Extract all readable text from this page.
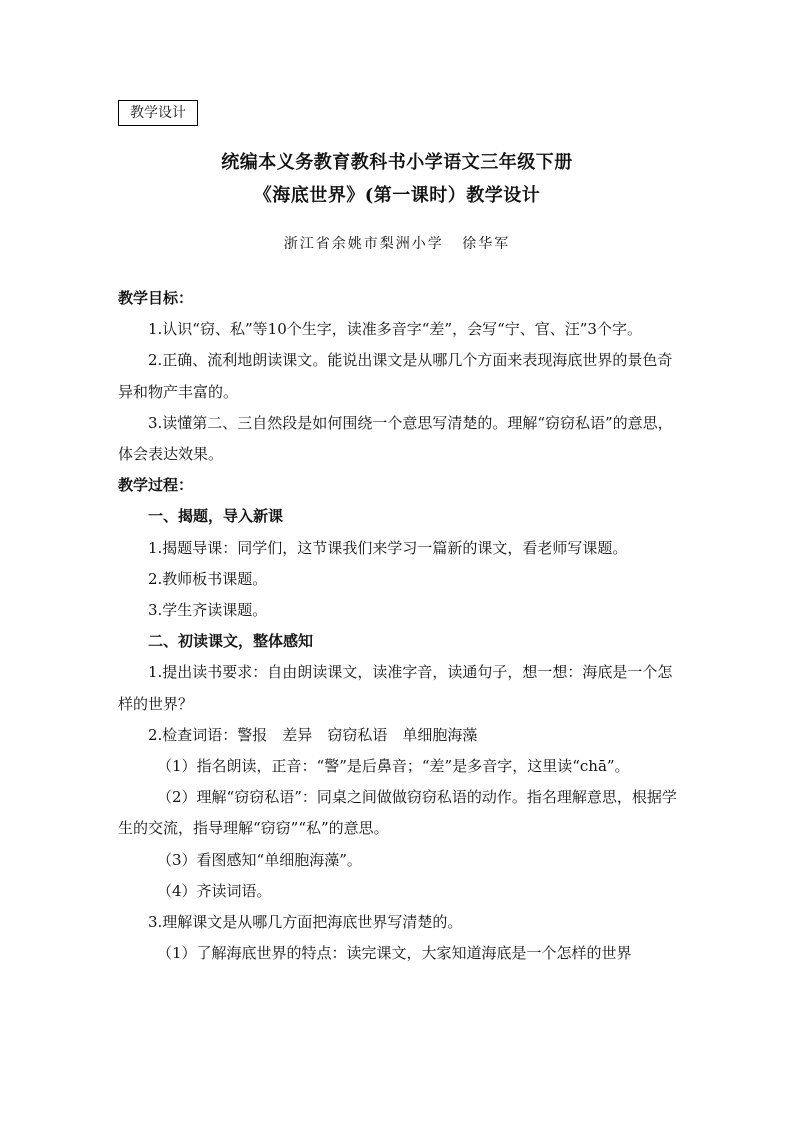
教学设计
统编本义务教育教科书小学语文三年级下册
《海底世界》(第一课时）教学设计
浙江省余姚市梨洲小学 徐华军

教学目标：

1.认识“窃、私”等10个生字，读准多音字“差”，会写“宁、官、汪”3个字。

2.正确、流利地朗读课文。能说出课文是从哪几个方面来表现海底世界的景色奇异和物产丰富的。

3.读懂第二、三自然段是如何围绕一个意思写清楚的。理解“窃窃私语”的意思，体会表达效果。

教学过程：

一、揭题，导入新课

1.揭题导课：同学们，这节课我们来学习一篇新的课文，看老师写课题。

2.教师板书课题。

3.学生齐读课题。

二、初读课文，整体感知

1.提出读书要求：自由朗读课文，读准字音，读通句子，想一想：海底是一个怎样的世界？

2.检查词语：警报　差异　窃窃私语　单细胞海藻

（1）指名朗读，正音：“警”是后鼻音；“差”是多音字，这里读“chā”。

（2）理解“窃窃私语”：同桌之间做做窃窃私语的动作。指名理解意思，根据学生的交流，指导理解“窃窃”“私”的意思。

（3）看图感知“单细胞海藻”。

（4）齐读词语。

3.理解课文是从哪几方面把海底世界写清楚的。

（1）了解海底世界的特点：读完课文，大家知道海底是一个怎样的世界
